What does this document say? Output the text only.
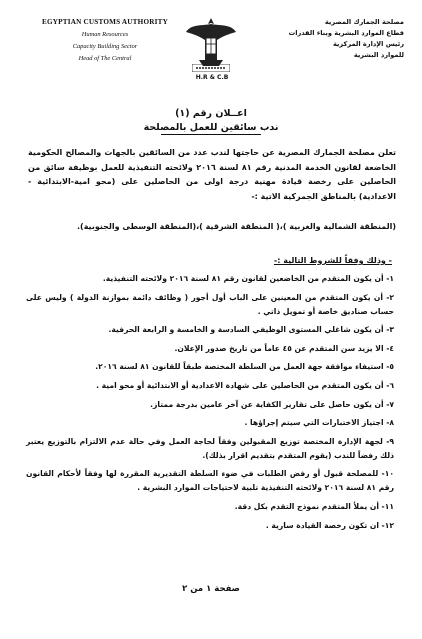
EGYPTIAN CUSTOMS AUTHORITY
Human Resources
Capacity Building Sector
Head of The Central
H.R & C.B
مصلحة الجمارك المصرية
قطاع الموارد البشرية وبناء القدرات
رئيس الإدارة المركزية
للموارد البشرية
اعــلان رقم (١)
ندب سائقين للعمل بالمصلحة
تعلن مصلحة الجمارك المصرية عن حاجتها لندب عدد من السائقين بالجهات والمصالح الحكومية الخاضعة لقانون الخدمة المدنية رقم ٨١ لسنة ٢٠١٦ ولائحته التنفيذية للعمل بوظيفة سائق من الحاصلين على رخصة قيادة مهنية درجة اولى من الحاصلين على (محو امية-الابتدائية - الاعدادية) بالمناطق الجمركية الاتية :-
(المنطقة الشمالية والغربية )،( المنطقة الشرقية )،(المنطقة الوسطى والجنوبية).
- وذلك وفقاً للشروط التالية :-
١- أن يكون المتقدم من الخاضعين لقانون رقم ٨١ لسنة ٢٠١٦ ولائحته التنفيذية.
٢- أن يكون المتقدم من المعينين على الباب أول أجور ( وظائف دائمة بموازنة الدولة ) وليس على حساب صناديق خاصة أو تمويل ذاتي .
٣- أن يكون شاغلي المستوى الوظيفي السادسة و الخامسة و الرابعة الحرفية.
٤- الا يزيد سن المتقدم عن ٤٥ عاماً من تاريخ صدور الإعلان.
٥- استيفاء موافقة جهة العمل من السلطة المختصة طبقاً للقانون ٨١ لسنة ٢٠١٦.
٦- أن يكون المتقدم من الحاصلين على شهادة الاعدادية أو الابتدائية أو محو امية .
٧- أن يكون حاصل على تقارير الكفاية عن آخر عامين بدرجة ممتاز.
٨- اجتياز الاختبارات التي سيتم إجراؤها .
٩- لجهة الإدارة المختصة توزيع المقبولين وفقاً لحاجة العمل وفي حالة عدم الالتزام بالتوزيع يعتبر ذلك رفضاً للندب (يقوم المتقدم بتقديم اقرار بذلك).
١٠- للمصلحة قبول أو رفض الطلبات في ضوء السلطة التقديرية المقررة لها وفقاً لأحكام القانون رقم ٨١ لسنة ٢٠١٦ ولائحته التنفيذية تلبية لاحتياجات الموارد البشرية .
١١- أن يملأ المتقدم نموذج التقدم بكل دقة.
١٢- ان تكون رخصة القيادة سارية .
صفحة ١ من ٢
